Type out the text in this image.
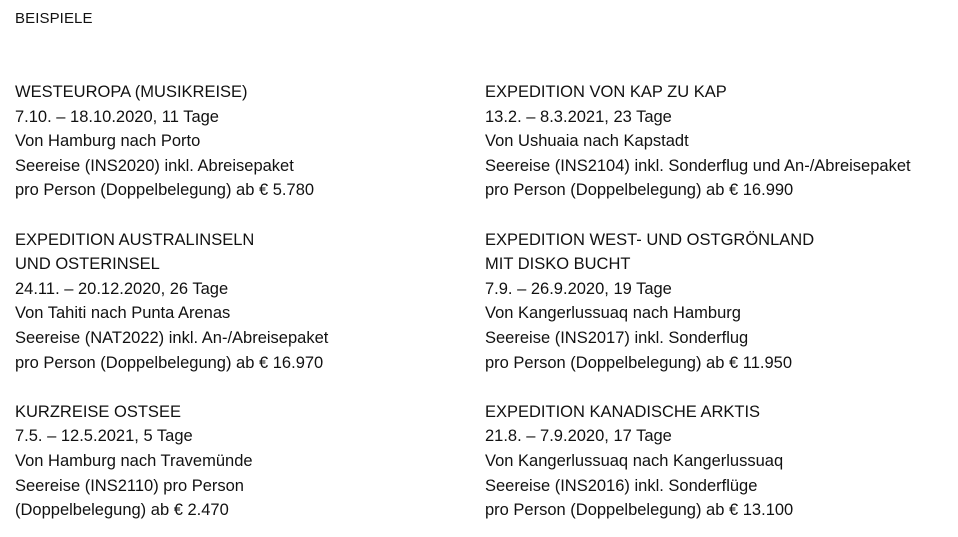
BEISPIELE
WESTEUROPA (MUSIKREISE)
7.10. – 18.10.2020, 11 Tage
Von Hamburg nach Porto
Seereise (INS2020) inkl. Abreisepaket
pro Person (Doppelbelegung) ab € 5.780
EXPEDITION AUSTRALINSELN
UND OSTERINSEL
24.11. – 20.12.2020, 26 Tage
Von Tahiti nach Punta Arenas
Seereise (NAT2022) inkl. An-/Abreisepaket
pro Person (Doppelbelegung) ab € 16.970
KURZREISE OSTSEE
7.5. – 12.5.2021, 5 Tage
Von Hamburg nach Travemünde
Seereise (INS2110) pro Person
(Doppelbelegung) ab € 2.470
EXPEDITION VON KAP ZU KAP
13.2. – 8.3.2021, 23 Tage
Von Ushuaia nach Kapstadt
Seereise (INS2104) inkl. Sonderflug und An-/Abreisepaket
pro Person (Doppelbelegung) ab € 16.990
EXPEDITION WEST- UND OSTGRÖNLAND
MIT DISKO BUCHT
7.9. – 26.9.2020, 19 Tage
Von Kangerlussuaq nach Hamburg
Seereise (INS2017) inkl. Sonderflug
pro Person (Doppelbelegung) ab € 11.950
EXPEDITION KANADISCHE ARKTIS
21.8. – 7.9.2020, 17 Tage
Von Kangerlussuaq nach Kangerlussuaq
Seereise (INS2016) inkl. Sonderflüge
pro Person (Doppelbelegung) ab € 13.100
